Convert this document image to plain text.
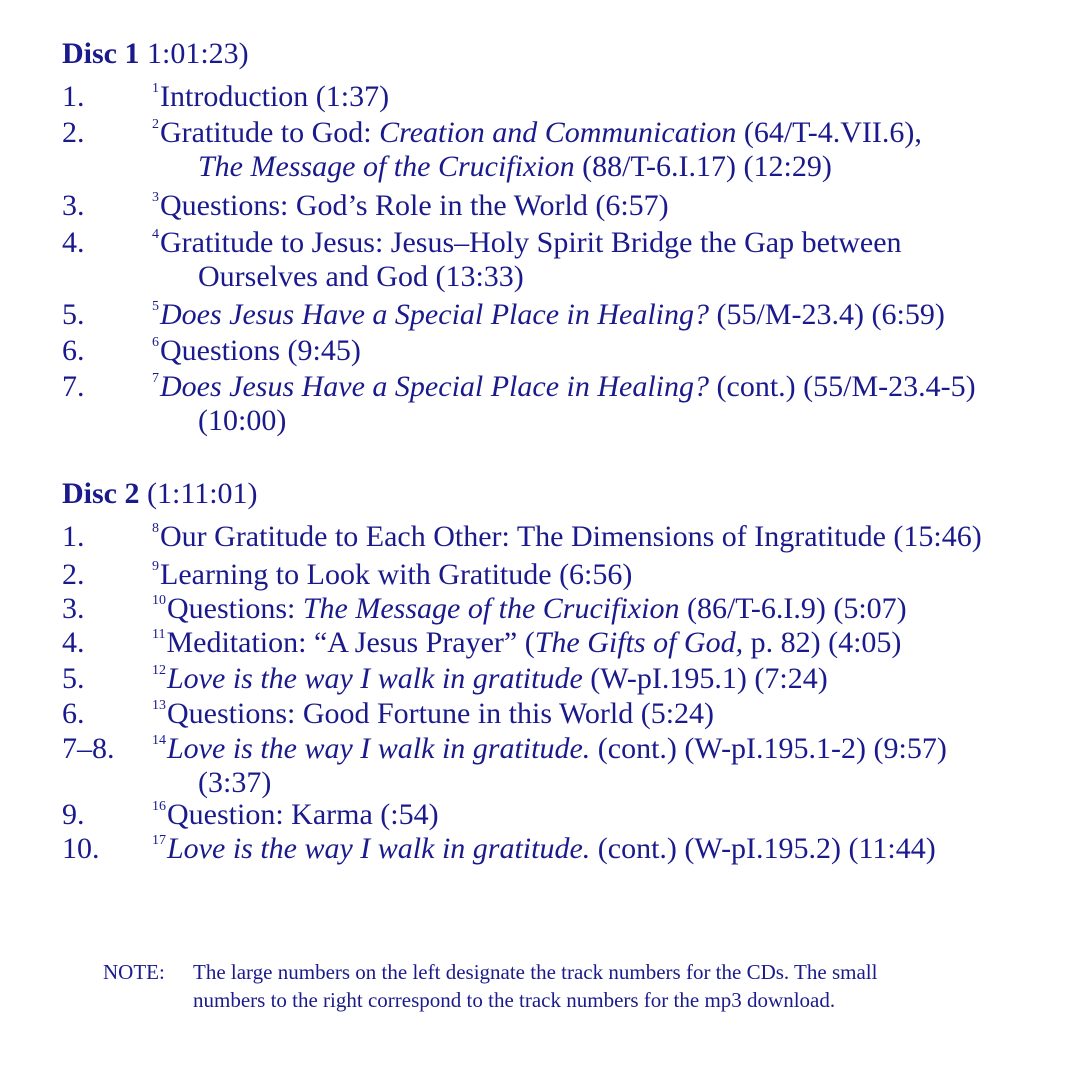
Disc 1 1:01:23)
1.	$^1$Introduction (1:37)
2.	$^2$Gratitude to God: Creation and Communication (64/T-4.VII.6),
The Message of the Crucifixion (88/T-6.I.17) (12:29)
3.	$^3$Questions: God’s Role in the World (6:57)
4.	$^4$Gratitude to Jesus: Jesus–Holy Spirit Bridge the Gap between
Ourselves and God (13:33)
5.	$^5$Does Jesus Have a Special Place in Healing? (55/M-23.4) (6:59)
6.	$^6$Questions (9:45)
7.	$^7$Does Jesus Have a Special Place in Healing? (cont.) (55/M-23.4-5)
(10:00)
Disc 2 (1:11:01)
1.	$^8$Our Gratitude to Each Other: The Dimensions of Ingratitude (15:46)
2.	$^9$Learning to Look with Gratitude (6:56)
3.	$^{10}$Questions: The Message of the Crucifixion (86/T-6.I.9) (5:07)
4.	$^{11}$Meditation: “A Jesus Prayer” (The Gifts of God, p. 82) (4:05)
5.	$^{12}$Love is the way I walk in gratitude (W-pI.195.1) (7:24)
6.	$^{13}$Questions: Good Fortune in this World (5:24)
7–8.	$^{14}$Love is the way I walk in gratitude. (cont.) (W-pI.195.1-2) (9:57)
(3:37)
9.	$^{16}$Question: Karma (:54)
10.	$^{17}$Love is the way I walk in gratitude. (cont.) (W-pI.195.2) (11:44)
NOTE: The large numbers on the left designate the track numbers for the CDs. The small
numbers to the right correspond to the track numbers for the mp3 download.
